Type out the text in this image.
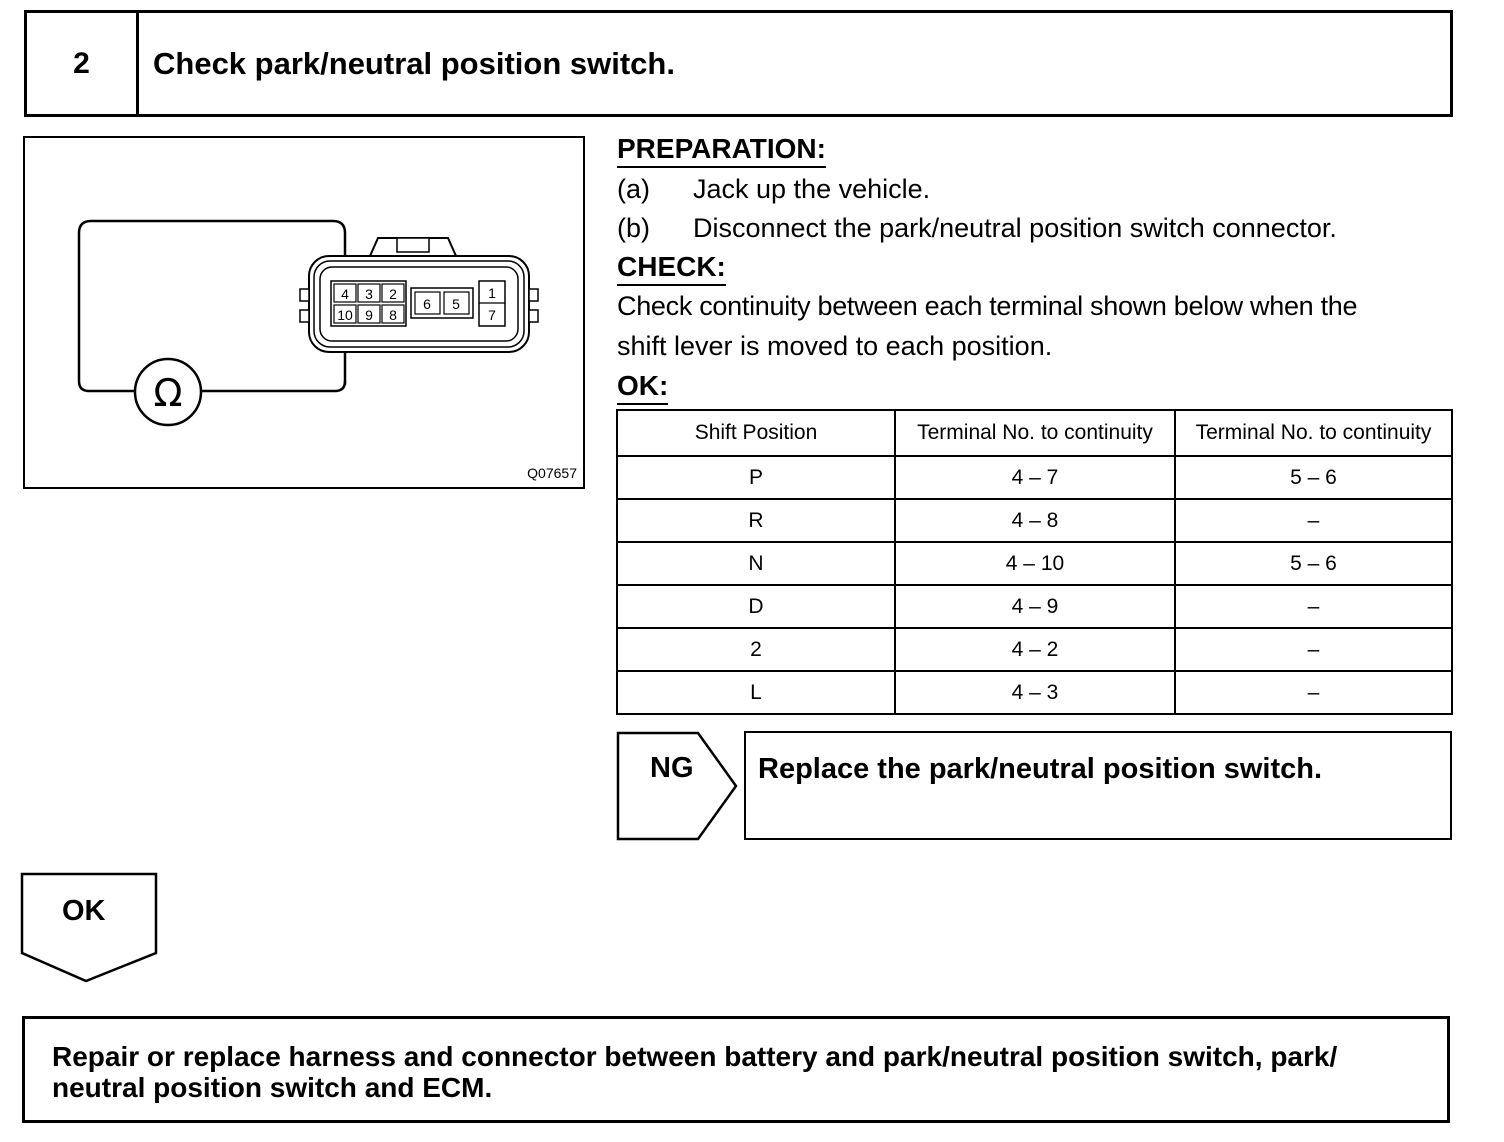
2	Check park/neutral position switch.
Ω
4 3 2
10 9 8
6 5
1
7
Q07657
PREPARATION:
(a) Jack up the vehicle.
(b) Disconnect the park/neutral position switch connector.
CHECK:
Check continuity between each terminal shown below when the
shift lever is moved to each position.
OK:
Shift Position	Terminal No. to continuity	Terminal No. to continuity
P	4 – 7	5 – 6
R	4 – 8	–
N	4 – 10	5 – 6
D	4 – 9	–
2	4 – 2	–
L	4 – 3	–
NG Replace the park/neutral position switch.
OK
Repair or replace harness and connector between battery and park/neutral position switch, park/
neutral position switch and ECM.
